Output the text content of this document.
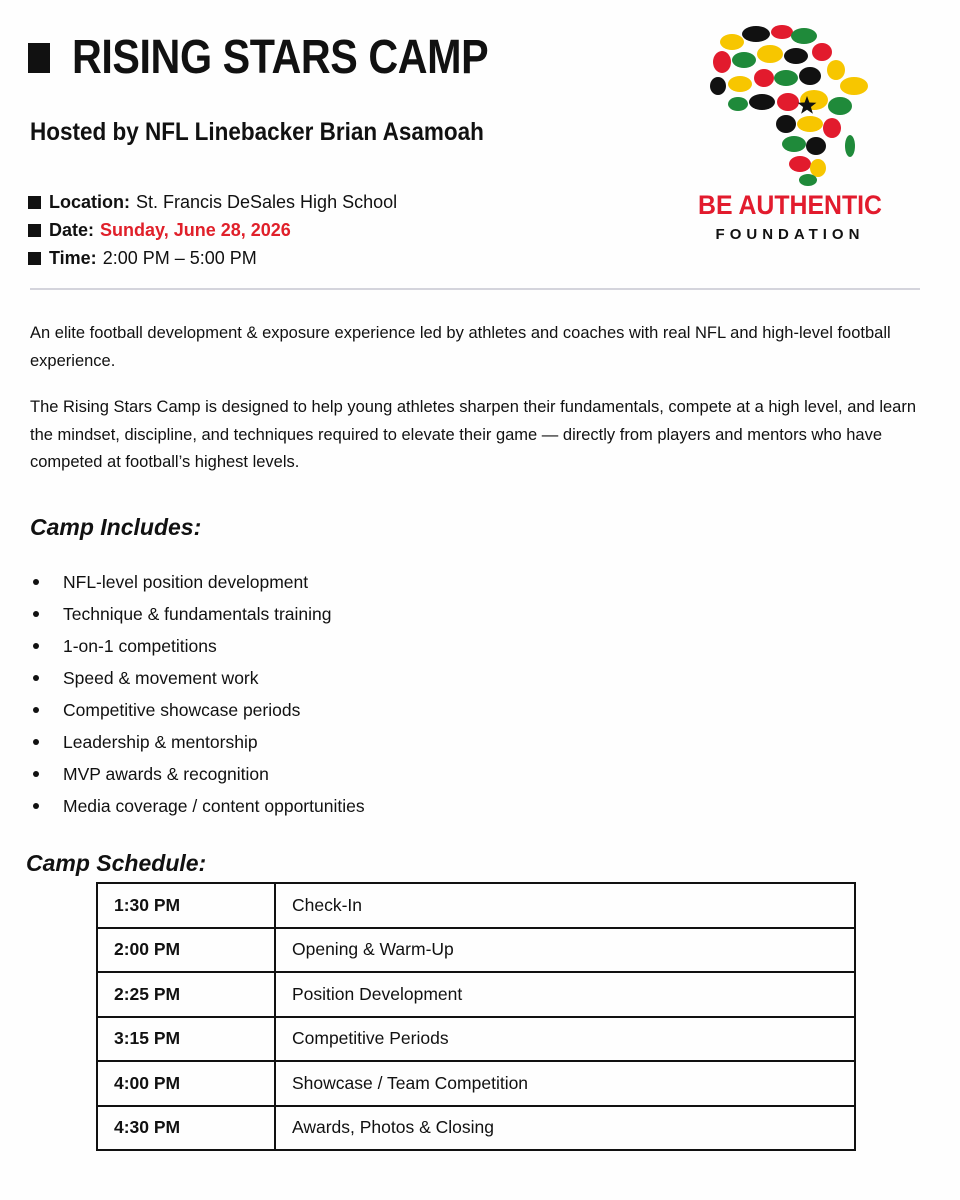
RISING STARS CAMP
Hosted by NFL Linebacker Brian Asamoah
Location: St. Francis DeSales High School
Date: Sunday, June 28, 2026
Time: 2:00 PM – 5:00 PM
BE AUTHENTIC
FOUNDATION
An elite football development & exposure experience led by athletes and coaches with real NFL and high-level football experience.
The Rising Stars Camp is designed to help young athletes sharpen their fundamentals, compete at a high level, and learn the mindset, discipline, and techniques required to elevate their game — directly from players and mentors who have competed at football’s highest levels.
Camp Includes:
NFL-level position development
Technique & fundamentals training
1-on-1 competitions
Speed & movement work
Competitive showcase periods
Leadership & mentorship
MVP awards & recognition
Media coverage / content opportunities
Camp Schedule:
1:30 PM	Check-In
2:00 PM	Opening & Warm-Up
2:25 PM	Position Development
3:15 PM	Competitive Periods
4:00 PM	Showcase / Team Competition
4:30 PM	Awards, Photos & Closing
